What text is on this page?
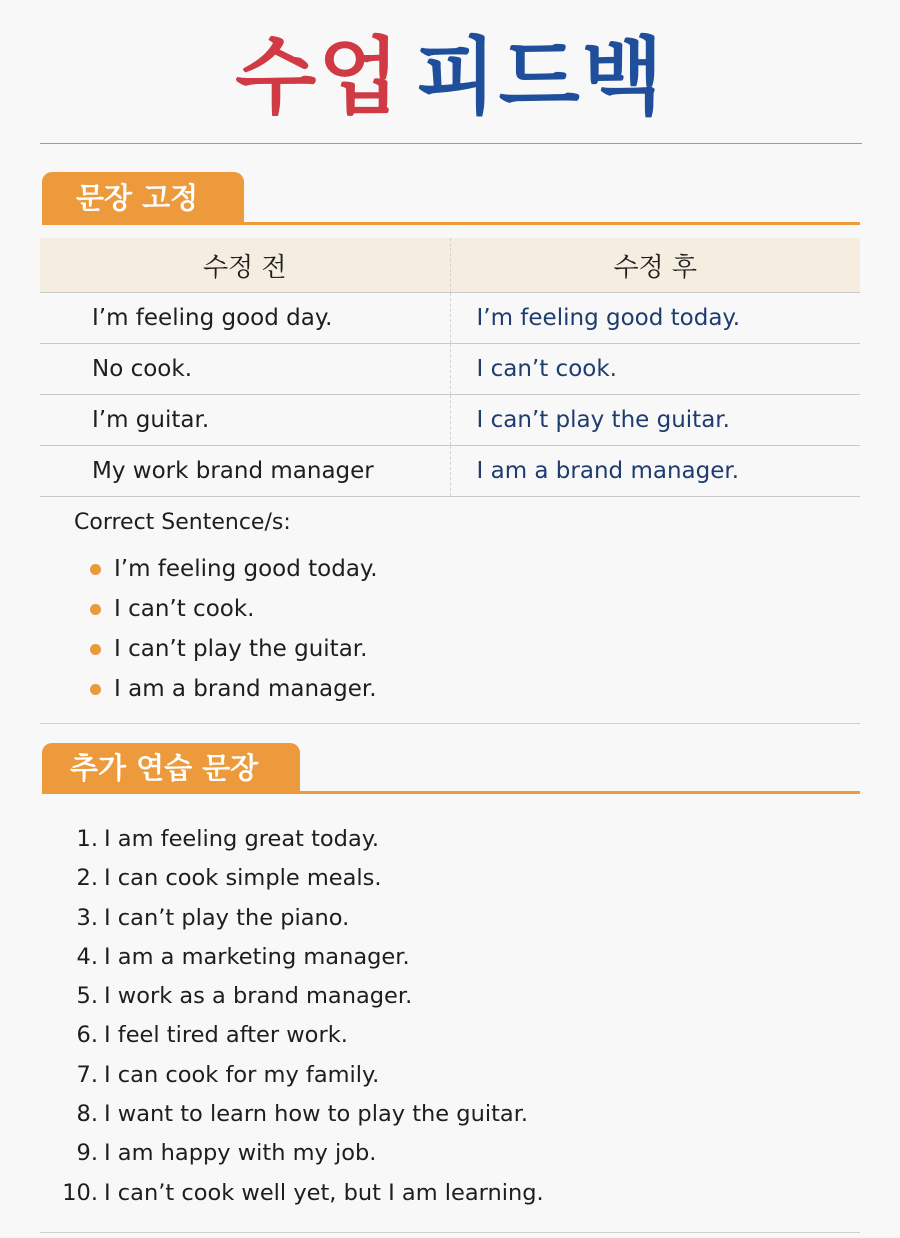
수업 피드백
문장 고정
수정 전	수정 후
I’m feeling good day.	I’m feeling good today.
No cook.	I can’t cook.
I’m guitar.	I can’t play the guitar.
My work brand manager	I am a brand manager.
Correct Sentence/s:
I’m feeling good today.
I can’t cook.
I can’t play the guitar.
I am a brand manager.
추가 연습 문장
1. I am feeling great today.
2. I can cook simple meals.
3. I can’t play the piano.
4. I am a marketing manager.
5. I work as a brand manager.
6. I feel tired after work.
7. I can cook for my family.
8. I want to learn how to play the guitar.
9. I am happy with my job.
10. I can’t cook well yet, but I am learning.
